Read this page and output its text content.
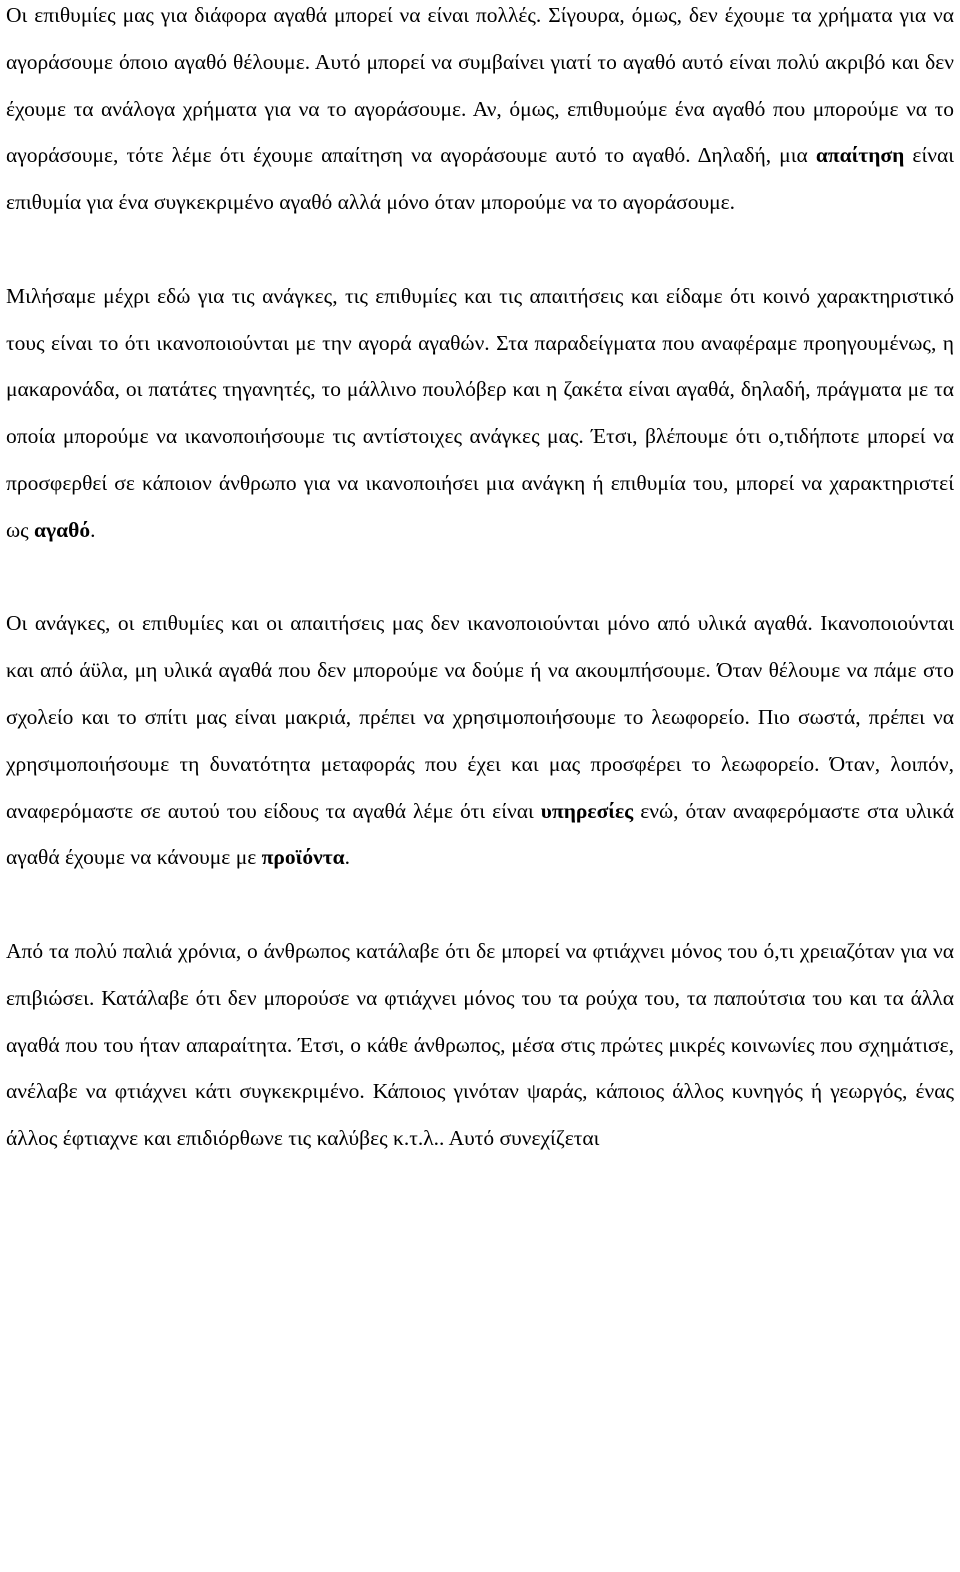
Οι επιθυμίες μας για διάφορα αγαθά μπορεί να είναι πολλές. Σίγουρα, όμως, δεν έχουμε τα χρήματα για να αγοράσουμε όποιο αγαθό θέλουμε. Αυτό μπορεί να συμβαίνει γιατί το αγαθό αυτό είναι πολύ ακριβό και δεν έχουμε τα ανάλογα χρήματα για να το αγοράσουμε. Αν, όμως, επιθυμούμε ένα αγαθό που μπορούμε να το αγοράσουμε, τότε λέμε ότι έχουμε απαίτηση να αγοράσουμε αυτό το αγαθό. Δηλαδή, μια απαίτηση είναι επιθυμία για ένα συγκεκριμένο αγαθό αλλά μόνο όταν μπορούμε να το αγοράσουμε.

Μιλήσαμε μέχρι εδώ για τις ανάγκες, τις επιθυμίες και τις απαιτήσεις και είδαμε ότι κοινό χαρακτηριστικό τους είναι το ότι ικανοποιούνται με την αγορά αγαθών. Στα παραδείγματα που αναφέραμε προηγουμένως, η μακαρονάδα, οι πατάτες τηγανητές, το μάλλινο πουλόβερ και η ζακέτα είναι αγαθά, δηλαδή, πράγματα με τα οποία μπορούμε να ικανοποιήσουμε τις αντίστοιχες ανάγκες μας. Έτσι, βλέπουμε ότι ο,τιδήποτε μπορεί να προσφερθεί σε κάποιον άνθρωπο για να ικανοποιήσει μια ανάγκη ή επιθυμία του, μπορεί να χαρακτηριστεί ως αγαθό.

Οι ανάγκες, οι επιθυμίες και οι απαιτήσεις μας δεν ικανοποιούνται μόνο από υλικά αγαθά. Ικανοποιούνται και από άϋλα, μη υλικά αγαθά που δεν μπορούμε να δούμε ή να ακουμπήσουμε. Όταν θέλουμε να πάμε στο σχολείο και το σπίτι μας είναι μακριά, πρέπει να χρησιμοποιήσουμε το λεωφορείο. Πιο σωστά, πρέπει να χρησιμοποιήσουμε τη δυνατότητα μεταφοράς που έχει και μας προσφέρει το λεωφορείο. Όταν, λοιπόν, αναφερόμαστε σε αυτού του είδους τα αγαθά λέμε ότι είναι υπηρεσίες ενώ, όταν αναφερόμαστε στα υλικά αγαθά έχουμε να κάνουμε με προϊόντα.

Από τα πολύ παλιά χρόνια, ο άνθρωπος κατάλαβε ότι δε μπορεί να φτιάχνει μόνος του ό,τι χρειαζόταν για να επιβιώσει. Κατάλαβε ότι δεν μπορούσε να φτιάχνει μόνος του τα ρούχα του, τα παπούτσια του και τα άλλα αγαθά που του ήταν απαραίτητα. Έτσι, ο κάθε άνθρωπος, μέσα στις πρώτες μικρές κοινωνίες που σχημάτισε, ανέλαβε να φτιάχνει κάτι συγκεκριμένο. Κάποιος γινόταν ψαράς, κάποιος άλλος κυνηγός ή γεωργός, ένας άλλος έφτιαχνε και επιδιόρθωνε τις καλύβες κ.τ.λ.. Αυτό συνεχίζεται
